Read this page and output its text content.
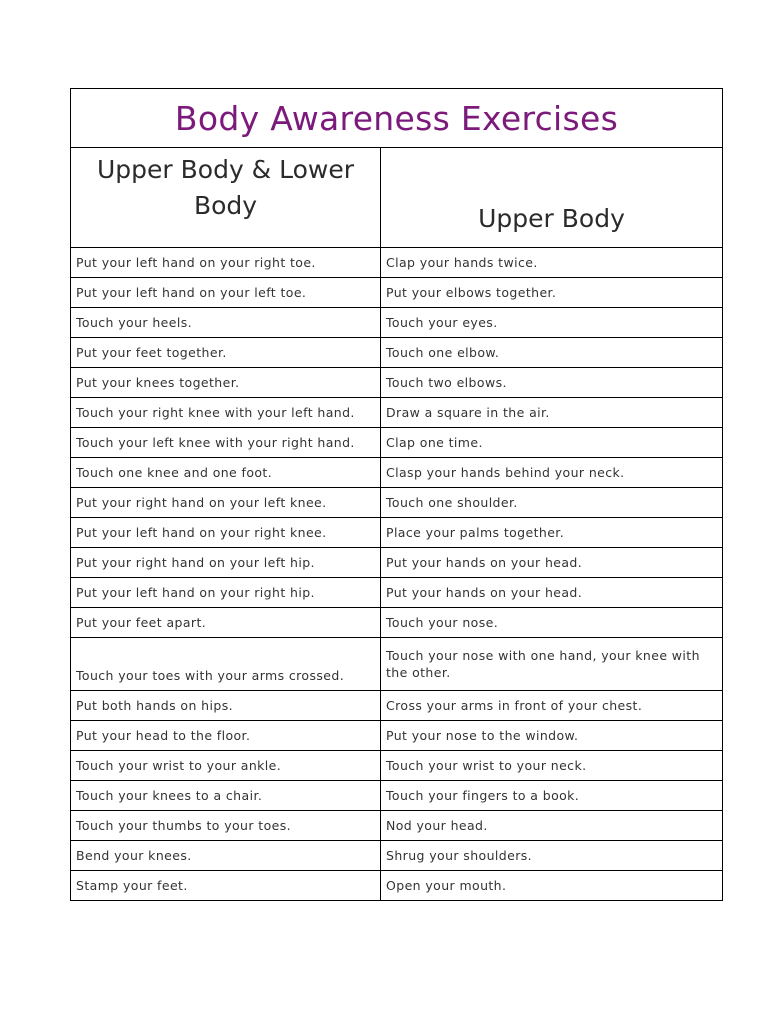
Body Awareness Exercises	
Upper Body & Lower Body	Upper Body
Put your left hand on your right toe.	Clap your hands twice.
Put your left hand on your left toe.	Put your elbows together.
Touch your heels.	Touch your eyes.
Put your feet together.	Touch one elbow.
Put your knees together.	Touch two elbows.
Touch your right knee with your left hand.	Draw a square in the air.
Touch your left knee with your right hand.	Clap one time.
Touch one knee and one foot.	Clasp your hands behind your neck.
Put your right hand on your left knee.	Touch one shoulder.
Put your left hand on your right knee.	Place your palms together.
Put your right hand on your left hip.	Put your hands on your head.
Put your left hand on your right hip.	Put your hands on your head.
Put your feet apart.	Touch your nose.
Touch your toes with your arms crossed.	Touch your nose with one hand, your knee with the other.
Put both hands on hips.	Cross your arms in front of your chest.
Put your head to the floor.	Put your nose to the window.
Touch your wrist to your ankle.	Touch your wrist to your neck.
Touch your knees to a chair.	Touch your fingers to a book.
Touch your thumbs to your toes.	Nod your head.
Bend your knees.	Shrug your shoulders.
Stamp your feet.	Open your mouth.
